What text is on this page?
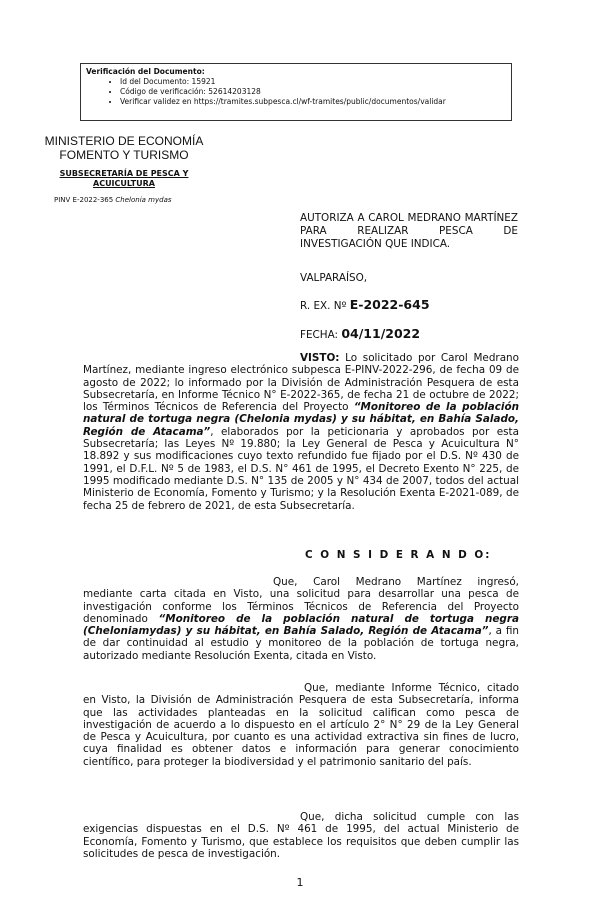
Verificación del Documento:
• Id del Documento: 15921
• Código de verificación: 52614203128
• Verificar validez en https://tramites.subpesca.cl/wf-tramites/public/documentos/validar
MINISTERIO DE ECONOMÍA
FOMENTO Y TURISMO
SUBSECRETARÍA DE PESCA Y ACUICULTURA
PINV E-2022-365 Chelonia mydas
AUTORIZA A CAROL MEDRANO MARTÍNEZ PARA REALIZAR PESCA DE INVESTIGACIÓN QUE INDICA.
VALPARAÍSO,
R. EX. Nº E-2022-645
FECHA: 04/11/2022
VISTO: Lo solicitado por Carol Medrano Martínez, mediante ingreso electrónico subpesca E-PINV-2022-296, de fecha 09 de agosto de 2022; lo informado por la División de Administración Pesquera de esta Subsecretaría, en Informe Técnico N° E-2022-365, de fecha 21 de octubre de 2022; los Términos Técnicos de Referencia del Proyecto “Monitoreo de la población natural de tortuga negra (Chelonia mydas) y su hábitat, en Bahía Salado, Región de Atacama”, elaborados por la peticionaria y aprobados por esta Subsecretaría; las Leyes Nº 19.880; la Ley General de Pesca y Acuicultura N° 18.892 y sus modificaciones cuyo texto refundido fue fijado por el D.S. Nº 430 de 1991, el D.F.L. Nº 5 de 1983, el D.S. N° 461 de 1995, el Decreto Exento N° 225, de 1995 modificado mediante D.S. N° 135 de 2005 y N° 434 de 2007, todos del actual Ministerio de Economía, Fomento y Turismo; y la Resolución Exenta E-2021-089, de fecha 25 de febrero de 2021, de esta Subsecretaría.
C O N S I D E R A N D O:
Que, Carol Medrano Martínez ingresó, mediante carta citada en Visto, una solicitud para desarrollar una pesca de investigación conforme los Términos Técnicos de Referencia del Proyecto denominado “Monitoreo de la población natural de tortuga negra (Cheloniamydas) y su hábitat, en Bahía Salado, Región de Atacama”, a fin de dar continuidad al estudio y monitoreo de la población de tortuga negra, autorizado mediante Resolución Exenta, citada en Visto.
Que, mediante Informe Técnico, citado en Visto, la División de Administración Pesquera de esta Subsecretaría, informa que las actividades planteadas en la solicitud califican como pesca de investigación de acuerdo a lo dispuesto en el artículo 2° N° 29 de la Ley General de Pesca y Acuicultura, por cuanto es una actividad extractiva sin fines de lucro, cuya finalidad es obtener datos e información para generar conocimiento científico, para proteger la biodiversidad y el patrimonio sanitario del país.
Que, dicha solicitud cumple con las exigencias dispuestas en el D.S. Nº 461 de 1995, del actual Ministerio de Economía, Fomento y Turismo, que establece los requisitos que deben cumplir las solicitudes de pesca de investigación.
1
